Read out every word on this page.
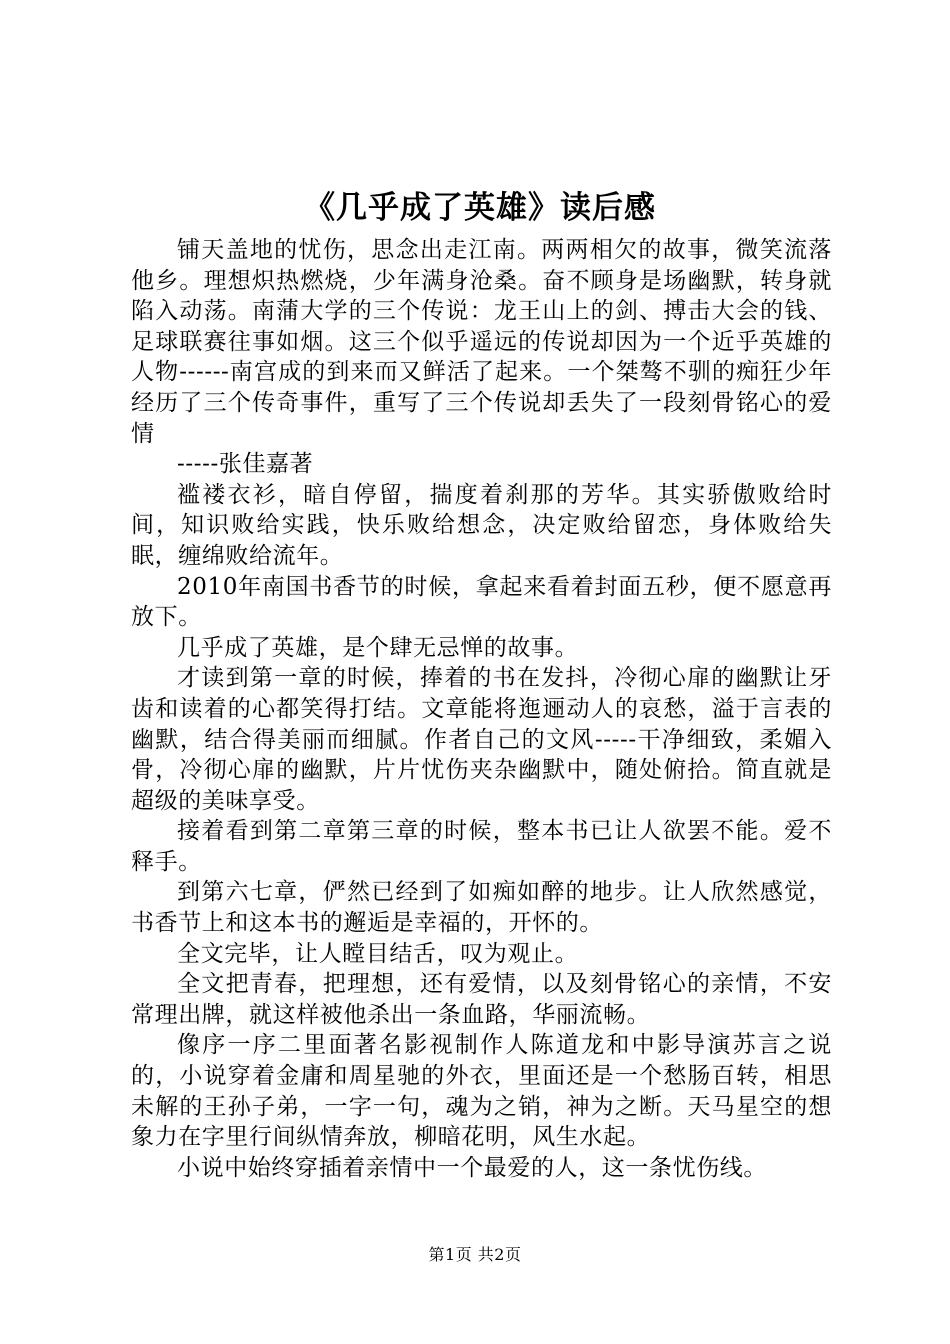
《几乎成了英雄》读后感

铺天盖地的忧伤，思念出走江南。两两相欠的故事，微笑流落他乡。理想炽热燃烧，少年满身沧桑。奋不顾身是场幽默，转身就陷入动荡。南蒲大学的三个传说：龙王山上的剑、搏击大会的钱、足球联赛往事如烟。这三个似乎遥远的传说却因为一个近乎英雄的人物------南宫成的到来而又鲜活了起来。一个桀骜不驯的痴狂少年经历了三个传奇事件，重写了三个传说却丢失了一段刻骨铭心的爱情

-----张佳嘉著

褴褛衣衫，暗自停留，揣度着刹那的芳华。其实骄傲败给时间，知识败给实践，快乐败给想念，决定败给留恋，身体败给失眠，缠绵败给流年。

2010年南国书香节的时候，拿起来看着封面五秒，便不愿意再放下。

几乎成了英雄，是个肆无忌惮的故事。

才读到第一章的时候，捧着的书在发抖，冷彻心扉的幽默让牙齿和读着的心都笑得打结。文章能将迤逦动人的哀愁，溢于言表的幽默，结合得美丽而细腻。作者自己的文风-----干净细致，柔媚入骨，冷彻心扉的幽默，片片忧伤夹杂幽默中，随处俯拾。简直就是超级的美味享受。

接着看到第二章第三章的时候，整本书已让人欲罢不能。爱不释手。

到第六七章，俨然已经到了如痴如醉的地步。让人欣然感觉，书香节上和这本书的邂逅是幸福的，开怀的。

全文完毕，让人瞠目结舌，叹为观止。

全文把青春，把理想，还有爱情，以及刻骨铭心的亲情，不安常理出牌，就这样被他杀出一条血路，华丽流畅。

像序一序二里面著名影视制作人陈道龙和中影导演苏言之说的，小说穿着金庸和周星驰的外衣，里面还是一个愁肠百转，相思未解的王孙子弟，一字一句，魂为之销，神为之断。天马星空的想象力在字里行间纵情奔放，柳暗花明，风生水起。

小说中始终穿插着亲情中一个最爱的人，这一条忧伤线。

第1页 共2页
